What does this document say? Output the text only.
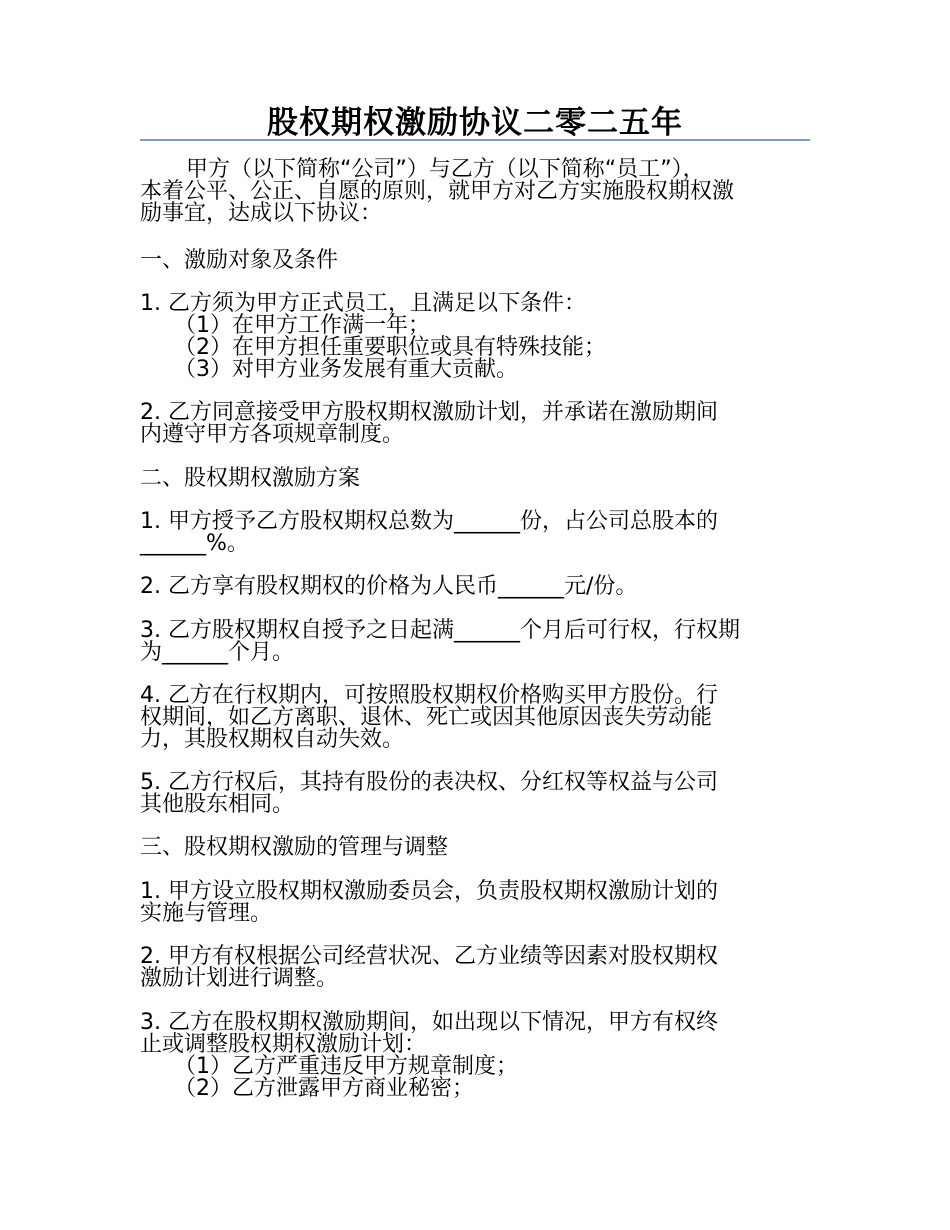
股权期权激励协议二零二五年
甲方（以下简称“公司”）与乙方（以下简称“员工”），
本着公平、公正、自愿的原则，就甲方对乙方实施股权期权激
励事宜，达成以下协议：
一、激励对象及条件
1. 乙方须为甲方正式员工，且满足以下条件：
（1）在甲方工作满一年；
（2）在甲方担任重要职位或具有特殊技能；
（3）对甲方业务发展有重大贡献。
2. 乙方同意接受甲方股权期权激励计划，并承诺在激励期间
内遵守甲方各项规章制度。
二、股权期权激励方案
1. 甲方授予乙方股权期权总数为______份，占公司总股本的
______%。
2. 乙方享有股权期权的价格为人民币______元/份。
3. 乙方股权期权自授予之日起满______个月后可行权，行权期
为______个月。
4. 乙方在行权期内，可按照股权期权价格购买甲方股份。行
权期间，如乙方离职、退休、死亡或因其他原因丧失劳动能
力，其股权期权自动失效。
5. 乙方行权后，其持有股份的表决权、分红权等权益与公司
其他股东相同。
三、股权期权激励的管理与调整
1. 甲方设立股权期权激励委员会，负责股权期权激励计划的
实施与管理。
2. 甲方有权根据公司经营状况、乙方业绩等因素对股权期权
激励计划进行调整。
3. 乙方在股权期权激励期间，如出现以下情况，甲方有权终
止或调整股权期权激励计划：
（1）乙方严重违反甲方规章制度；
（2）乙方泄露甲方商业秘密；
